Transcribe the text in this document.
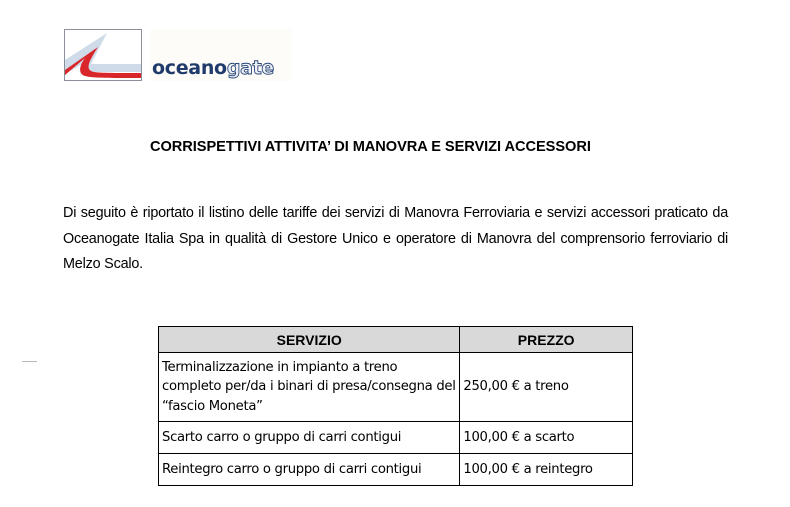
oceanogate
CORRISPETTIVI ATTIVITA’ DI MANOVRA E SERVIZI ACCESSORI

Di seguito è riportato il listino delle tariffe dei servizi di Manovra Ferroviaria e servizi accessori praticato da Oceanogate Italia Spa in qualità di Gestore Unico e operatore di Manovra del comprensorio ferroviario di Melzo Scalo.

SERVIZIO	PREZZO
Terminalizzazione in impianto a treno completo per/da i binari di presa/consegna del “fascio Moneta”	250,00 € a treno
Scarto carro o gruppo di carri contigui	100,00 € a scarto
Reintegro carro o gruppo di carri contigui	100,00 € a reintegro
